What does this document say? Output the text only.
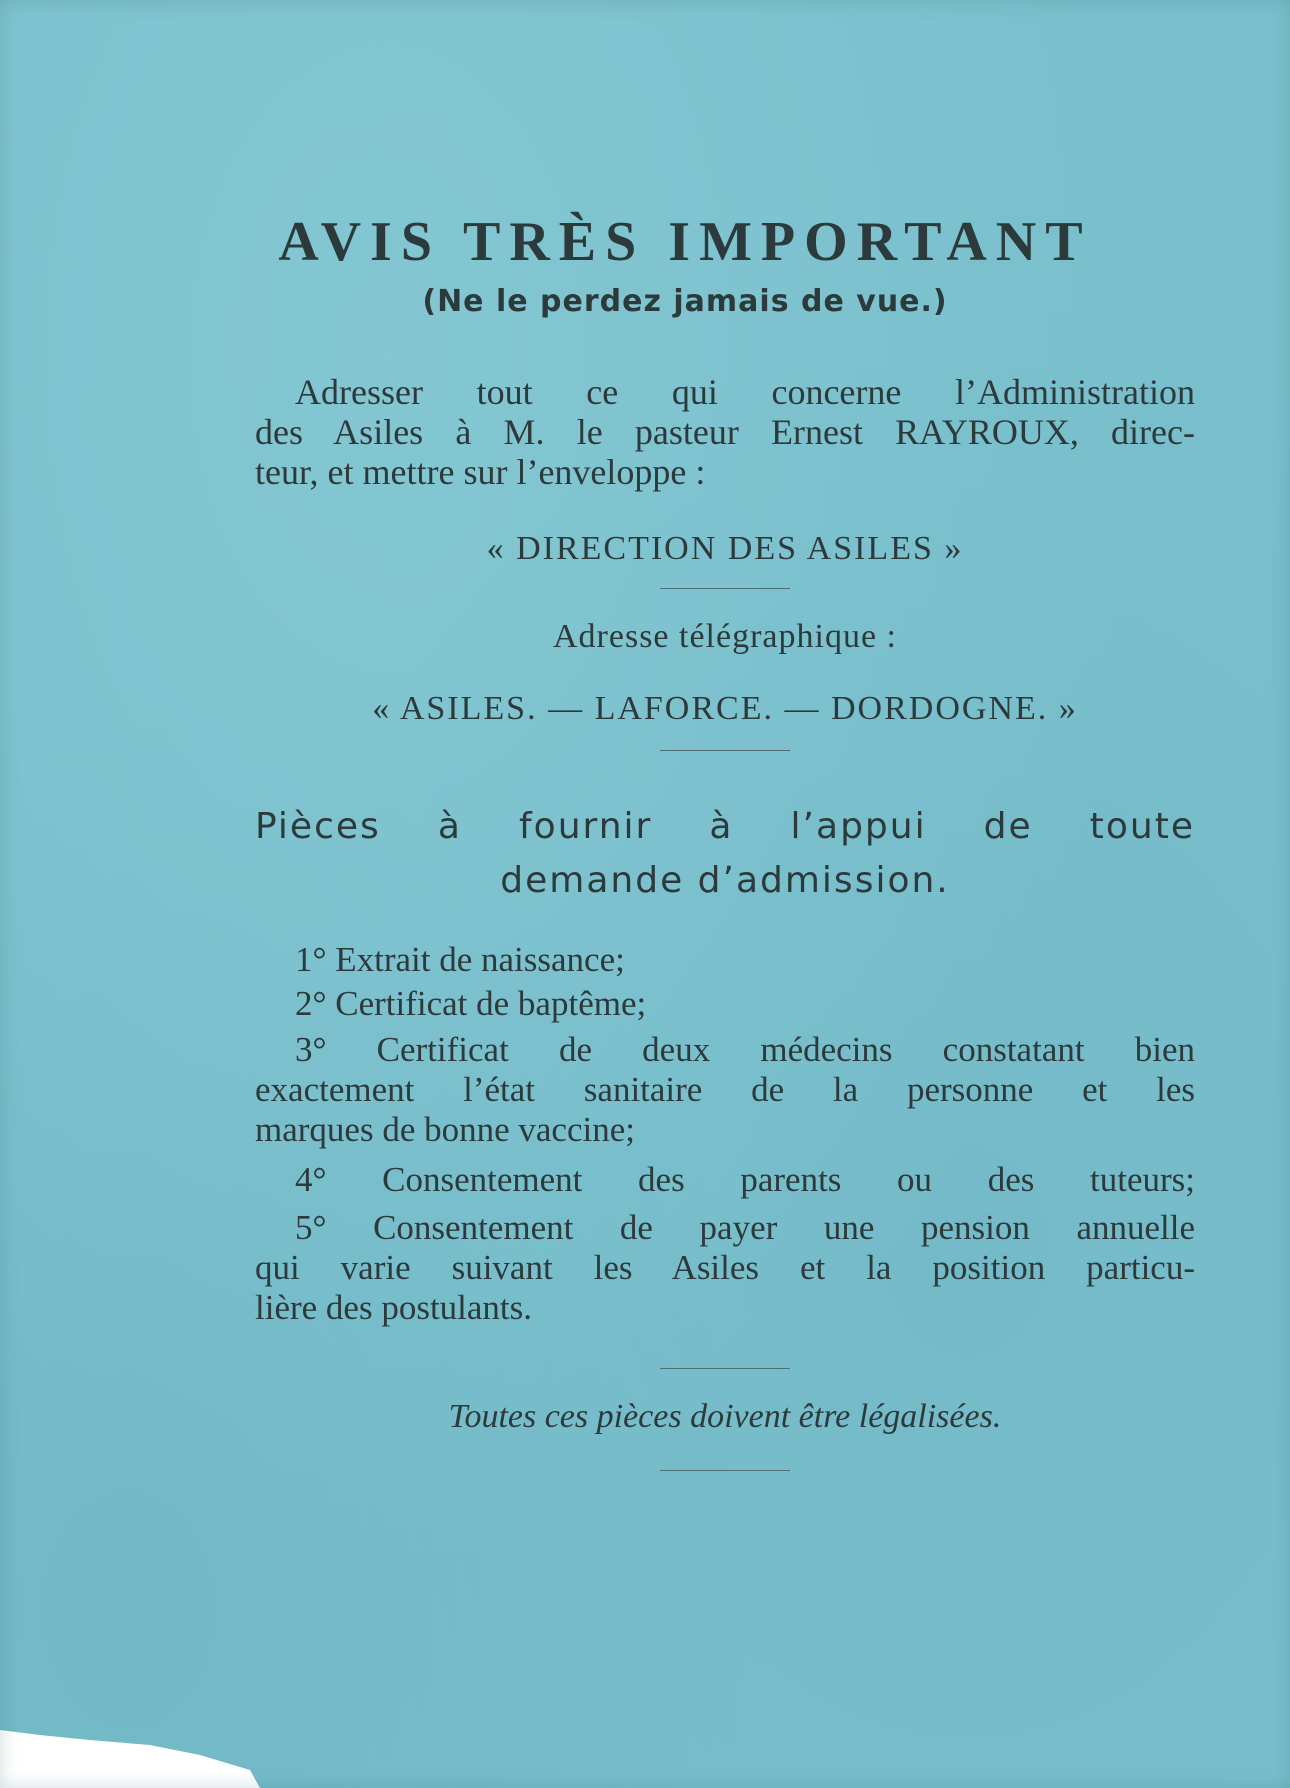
AVIS TRÈS IMPORTANT
(Ne le perdez jamais de vue.)
Adresser tout ce qui concerne l’Administration
des Asiles à M. le pasteur Ernest RAYROUX, direc-
teur, et mettre sur l’enveloppe :
« DIRECTION DES ASILES »
Adresse télégraphique :
« ASILES. — LAFORCE. — DORDOGNE. »
Pièces à fournir à l’appui de toute
demande d’admission.
1° Extrait de naissance;
2° Certificat de baptême;
3° Certificat de deux médecins constatant bien
exactement l’état sanitaire de la personne et les
marques de bonne vaccine;
4° Consentement des parents ou des tuteurs;
5° Consentement de payer une pension annuelle
qui varie suivant les Asiles et la position particu-
lière des postulants.
Toutes ces pièces doivent être légalisées.
